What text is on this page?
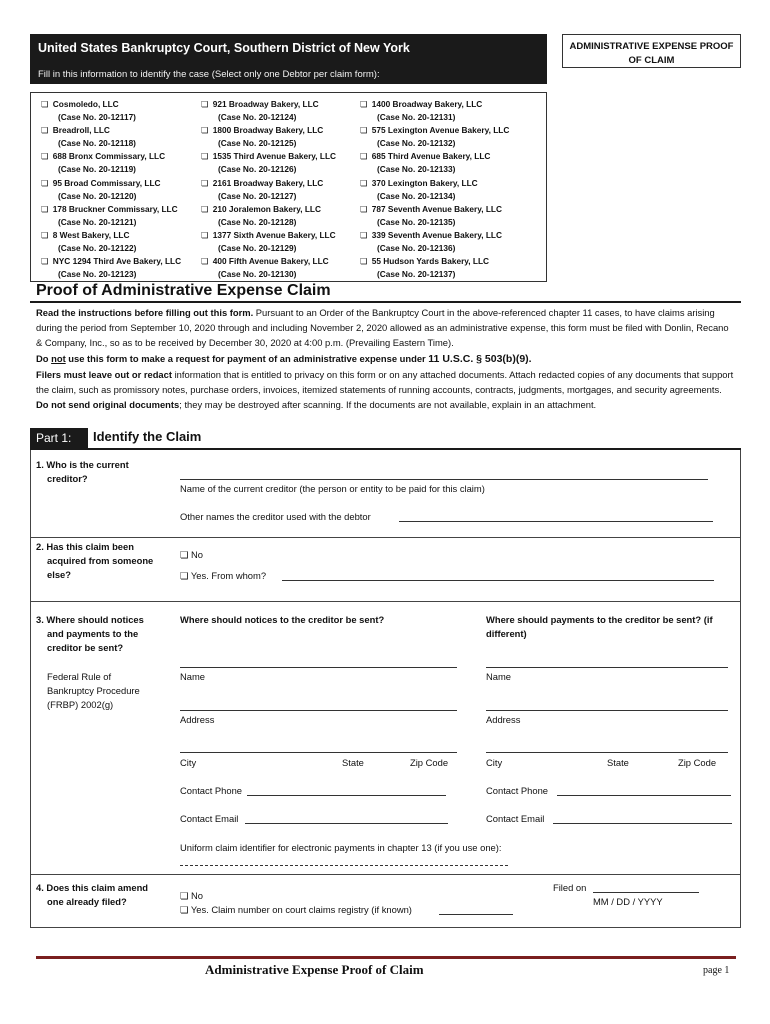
United States Bankruptcy Court, Southern District of New York	ADMINISTRATIVE EXPENSE PROOF
OF CLAIM
Fill in this information to identify the case (Select only one Debtor per claim form):
❏ Cosmoledo, LLC
(Case No. 20-12117)
❏ Breadroll, LLC
(Case No. 20-12118)
❏ 688 Bronx Commissary, LLC
(Case No. 20-12119)
❏ 95 Broad Commissary, LLC
(Case No. 20-12120)
❏ 178 Bruckner Commissary, LLC
(Case No. 20-12121)
❏ 8 West Bakery, LLC
(Case No. 20-12122)
❏ NYC 1294 Third Ave Bakery, LLC
(Case No. 20-12123)
❏ 921 Broadway Bakery, LLC
(Case No. 20-12124)
❏ 1800 Broadway Bakery, LLC
(Case No. 20-12125)
❏ 1535 Third Avenue Bakery, LLC
(Case No. 20-12126)
❏ 2161 Broadway Bakery, LLC
(Case No. 20-12127)
❏ 210 Joralemon Bakery, LLC
(Case No. 20-12128)
❏ 1377 Sixth Avenue Bakery, LLC
(Case No. 20-12129)
❏ 400 Fifth Avenue Bakery, LLC
(Case No. 20-12130)
❏ 1400 Broadway Bakery, LLC
(Case No. 20-12131)
❏ 575 Lexington Avenue Bakery, LLC
(Case No. 20-12132)
❏ 685 Third Avenue Bakery, LLC
(Case No. 20-12133)
❏ 370 Lexington Bakery, LLC
(Case No. 20-12134)
❏ 787 Seventh Avenue Bakery, LLC
(Case No. 20-12135)
❏ 339 Seventh Avenue Bakery, LLC
(Case No. 20-12136)
❏ 55 Hudson Yards Bakery, LLC
(Case No. 20-12137)
Proof of Administrative Expense Claim

Read the instructions before filling out this form. Pursuant to an Order of the Bankruptcy Court in the above-referenced chapter 11 cases, to have claims arising during the period from September 10, 2020 through and including November 2, 2020 allowed as an administrative expense, this form must be filed with Donlin, Recano & Company, Inc., so as to be received by December 30, 2020 at 4:00 p.m. (Prevailing Eastern Time).

Do not use this form to make a request for payment of an administrative expense under 11 U.S.C. § 503(b)(9).

Filers must leave out or redact information that is entitled to privacy on this form or on any attached documents. Attach redacted copies of any documents that support the claim, such as promissory notes, purchase orders, invoices, itemized statements of running accounts, contracts, judgments, mortgages, and security agreements. Do not send original documents; they may be destroyed after scanning. If the documents are not available, explain in an attachment.

Part 1:	Identify the Claim
1. Who is the current
creditor?
Name of the current creditor (the person or entity to be paid for this claim)
Other names the creditor used with the debtor
2. Has this claim been
acquired from someone
else?
❏ No
❏ Yes. From whom?
3. Where should notices
and payments to the
creditor be sent?
Federal Rule of
Bankruptcy Procedure
(FRBP) 2002(g)
Where should notices to the creditor be sent?	Where should payments to the creditor be sent? (if
different)
Name
Address
City	State	Zip Code
Contact Phone
Contact Email
Name
Address
City	State	Zip Code
Contact Phone
Contact Email
Uniform claim identifier for electronic payments in chapter 13 (if you use one):
4. Does this claim amend
one already filed?
❏ No
❏ Yes. Claim number on court claims registry (if known)
Filed on
MM / DD / YYYY
Administrative Expense Proof of Claim	page 1
